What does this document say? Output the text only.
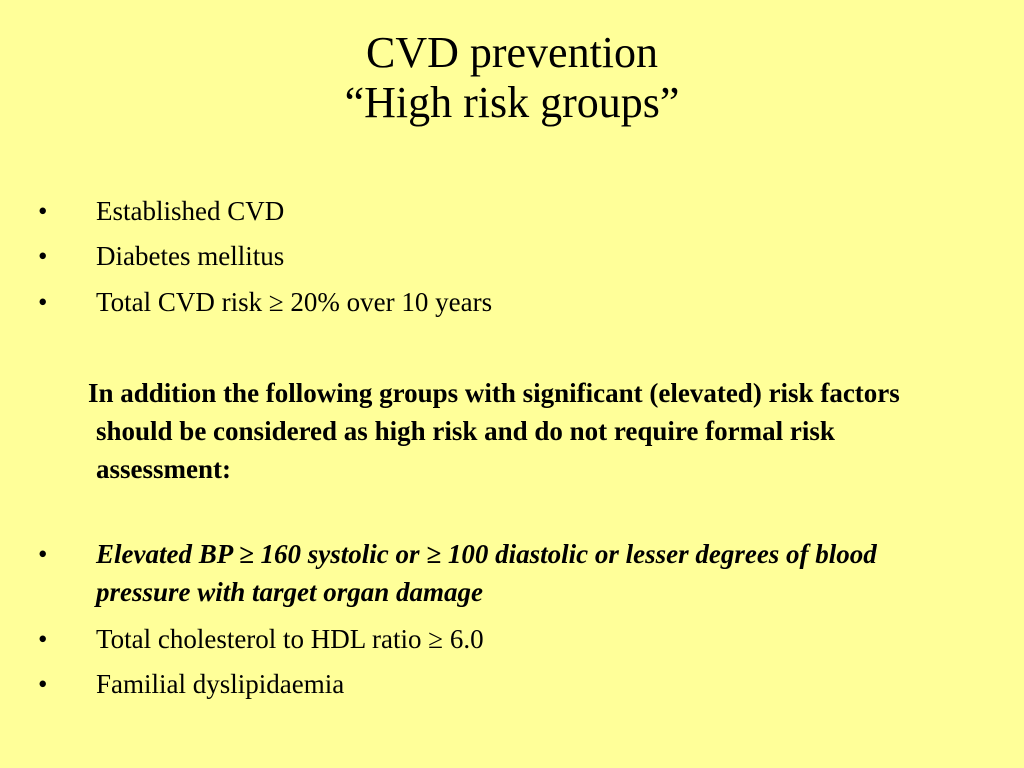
CVD prevention
“High risk groups”
• Established CVD
• Diabetes mellitus
• Total CVD risk ≥ 20% over 10 years
In addition the following groups with significant (elevated) risk factors should be considered as high risk and do not require formal risk assessment:
• Elevated BP ≥ 160 systolic or ≥ 100 diastolic or lesser degrees of blood pressure with target organ damage
• Total cholesterol to HDL ratio ≥ 6.0
• Familial dyslipidaemia
